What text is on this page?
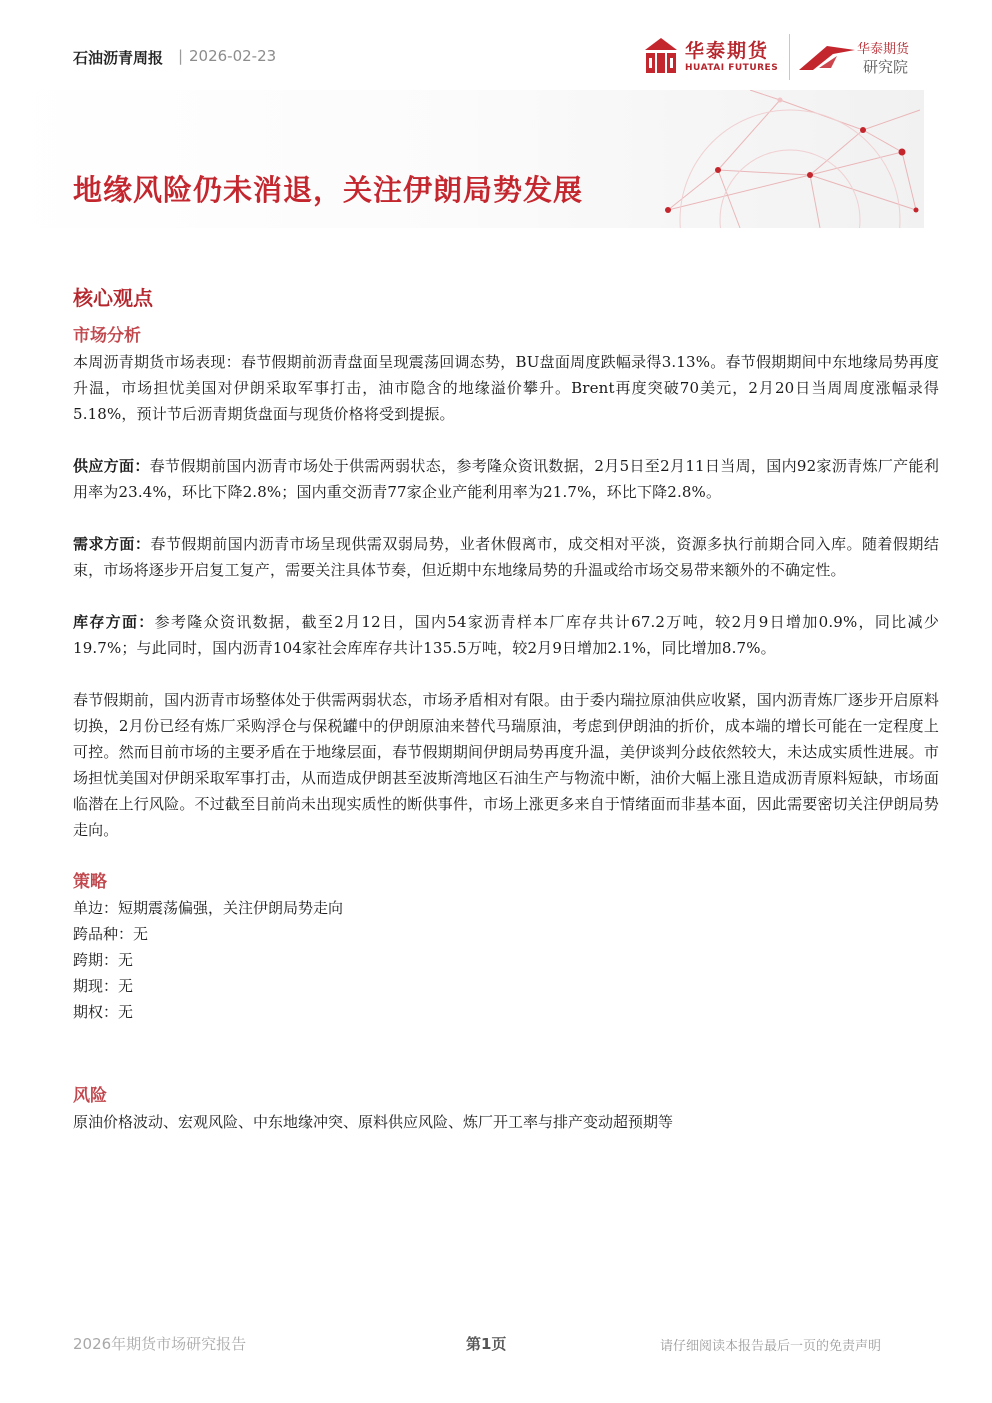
石油沥青周报 | 2026-02-23	华泰期货
HUATAI FUTURES
华泰期货
研究院
地缘风险仍未消退，关注伊朗局势发展
核心观点
市场分析

本周沥青期货市场表现：春节假期前沥青盘面呈现震荡回调态势，BU盘面周度跌幅录得3.13%。春节假期期间中东地缘局势再度升温，市场担忧美国对伊朗采取军事打击，油市隐含的地缘溢价攀升。Brent再度突破70美元，2月20日当周周度涨幅录得5.18%，预计节后沥青期货盘面与现货价格将受到提振。

供应方面：春节假期前国内沥青市场处于供需两弱状态，参考隆众资讯数据，2月5日至2月11日当周，国内92家沥青炼厂产能利用率为23.4%，环比下降2.8%；国内重交沥青77家企业产能利用率为21.7%，环比下降2.8%。

需求方面：春节假期前国内沥青市场呈现供需双弱局势，业者休假离市，成交相对平淡，资源多执行前期合同入库。随着假期结束，市场将逐步开启复工复产，需要关注具体节奏，但近期中东地缘局势的升温或给市场交易带来额外的不确定性。

库存方面：参考隆众资讯数据，截至2月12日，国内54家沥青样本厂库存共计67.2万吨，较2月9日增加0.9%，同比减少19.7%；与此同时，国内沥青104家社会库库存共计135.5万吨，较2月9日增加2.1%，同比增加8.7%。

春节假期前，国内沥青市场整体处于供需两弱状态，市场矛盾相对有限。由于委内瑞拉原油供应收紧，国内沥青炼厂逐步开启原料切换，2月份已经有炼厂采购浮仓与保税罐中的伊朗原油来替代马瑞原油，考虑到伊朗油的折价，成本端的增长可能在一定程度上可控。然而目前市场的主要矛盾在于地缘层面，春节假期期间伊朗局势再度升温，美伊谈判分歧依然较大，未达成实质性进展。市场担忧美国对伊朗采取军事打击，从而造成伊朗甚至波斯湾地区石油生产与物流中断，油价大幅上涨且造成沥青原料短缺，市场面临潜在上行风险。不过截至目前尚未出现实质性的断供事件，市场上涨更多来自于情绪面而非基本面，因此需要密切关注伊朗局势走向。

策略
单边：短期震荡偏强，关注伊朗局势走向
跨品种：无
跨期：无
期现：无
期权：无
风险
原油价格波动、宏观风险、中东地缘冲突、原料供应风险、炼厂开工率与排产变动超预期等
2026年期货市场研究报告	第1页	请仔细阅读本报告最后一页的免责声明
